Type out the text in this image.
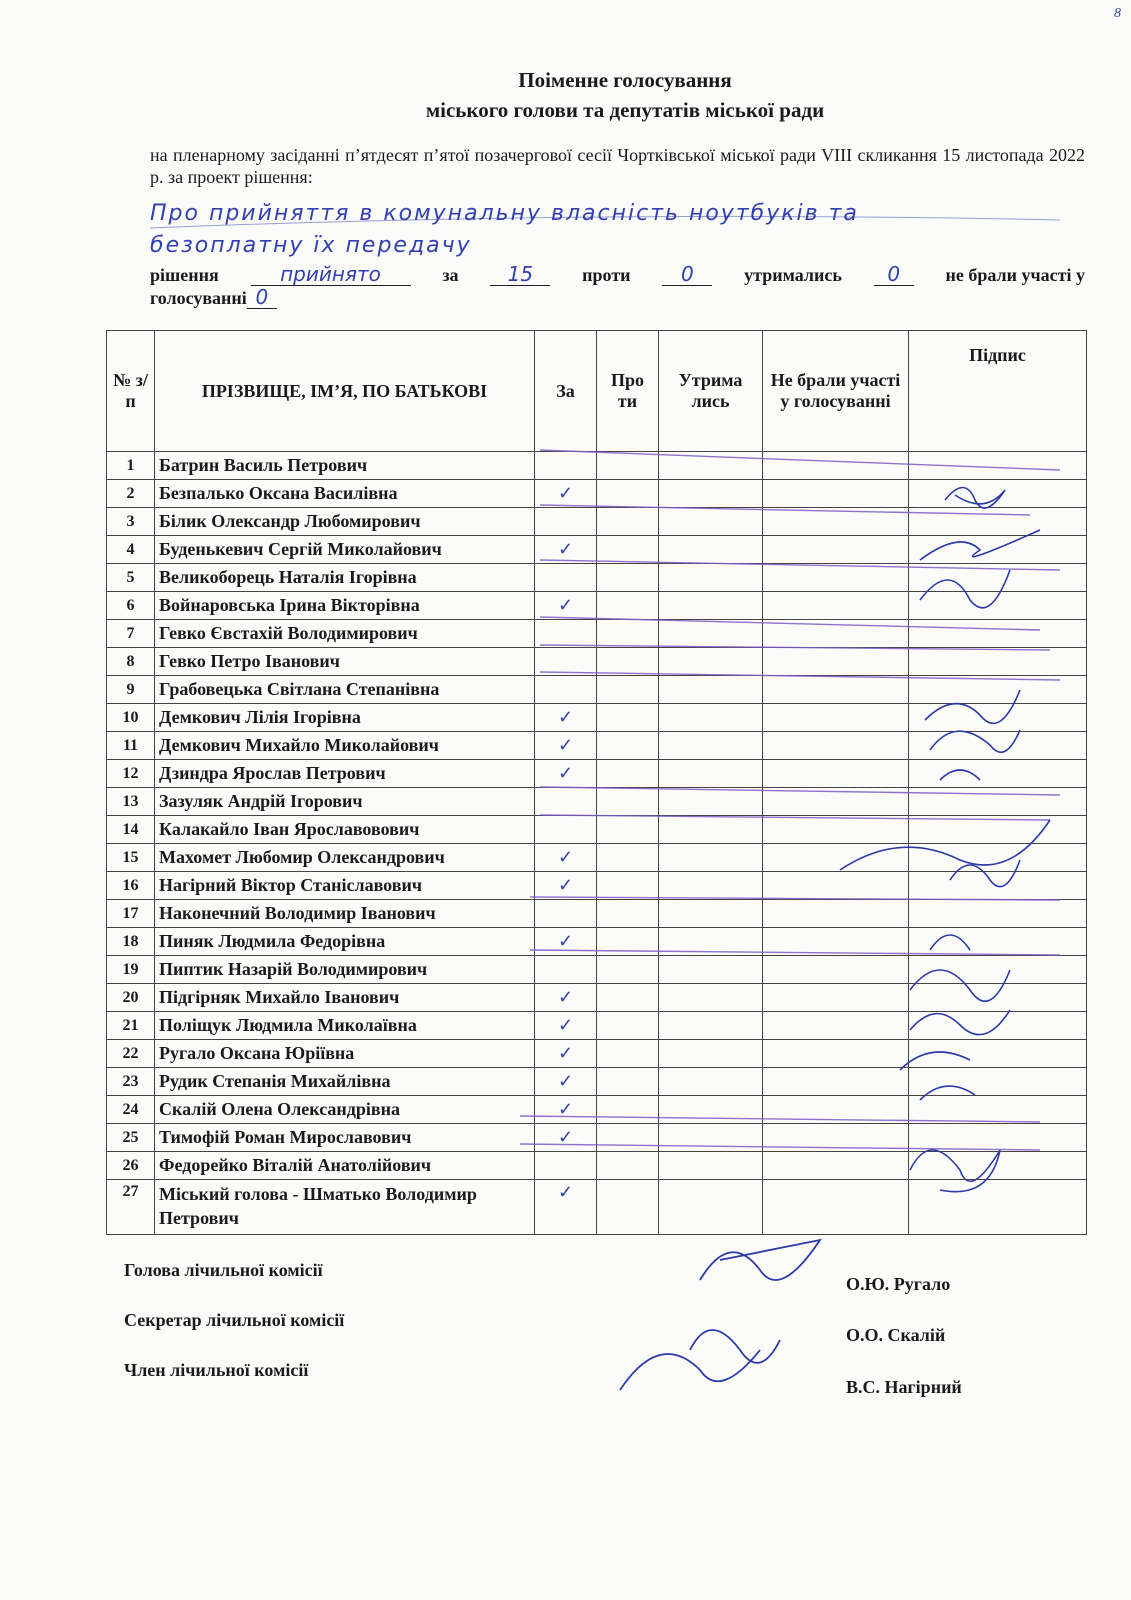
8
Поіменне голосування
міського голови та депутатів міської ради
на пленарному засіданні п’ятдесят п’ятої позачергової сесії Чортківської міської ради VIII скликання 15 листопада 2022 р. за проект рішення:
Про прийняття в комунальну власність ноутбуків та
безоплатну їх передачу
рішення	прийнято	за	15	проти	0	утримались	0	не брали участі у
голосуванні 0
№ з/п	ПРІЗВИЩЕ, ІМ’Я, ПО БАТЬКОВІ	За	Про ти	Утрима лись	Не брали участі у голосуванні	Підпис
1	Батрин Василь Петрович					
2	Безпалько Оксана Василівна	✓				
3	Білик Олександр Любомирович					
4	Буденькевич Сергій Миколайович	✓				
5	Великоборець Наталія Ігорівна					
6	Войнаровська Ірина Вікторівна	✓				
7	Гевко Євстахій Володимирович					
8	Гевко Петро Іванович					
9	Грабовецька Світлана Степанівна					
10	Демкович Лілія Ігорівна	✓				
11	Демкович Михайло Миколайович	✓				
12	Дзиндра Ярослав Петрович	✓				
13	Зазуляк Андрій Ігорович					
14	Калакайло Іван Ярославовович					
15	Махомет Любомир Олександрович	✓				
16	Нагірний Віктор Станіславович	✓				
17	Наконечний Володимир Іванович					
18	Пиняк Людмила Федорівна	✓				
19	Пиптик Назарій Володимирович					
20	Підгірняк Михайло Іванович	✓				
21	Поліщук Людмила Миколаївна	✓				
22	Ругало Оксана Юріївна	✓				
23	Рудик Степанія Михайлівна	✓				
24	Скалій Олена Олександрівна	✓				
25	Тимофій Роман Мирославович	✓				
26	Федорейко Віталій Анатолійович					
27	Міський голова - Шматько Володимир Петрович	✓				
Голова лічильної комісії
Секретар лічильної комісії
Член лічильної комісії
О.Ю. Ругало
О.О. Скалій
В.С. Нагірний
